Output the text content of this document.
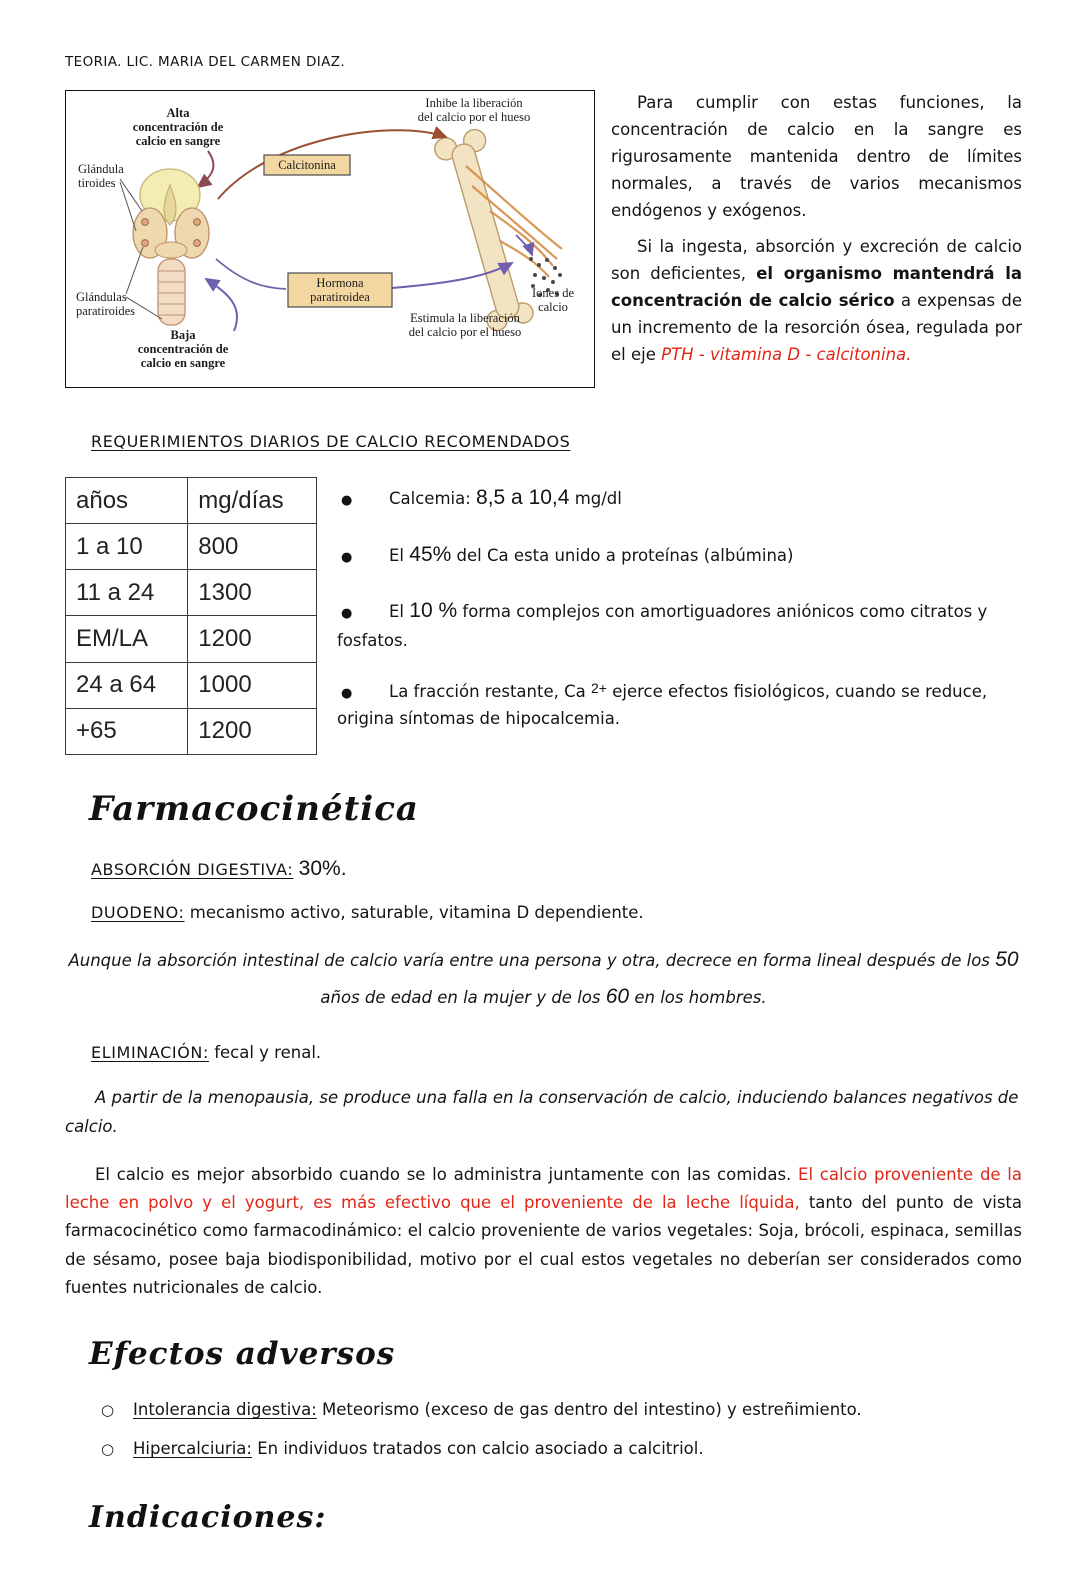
TEORIA. LIC. MARIA DEL CARMEN DIAZ.
Alta
concentración de
calcio en sangre
Inhibe la liberación
del calcio por el hueso
Glándula
tiroides
Glándulas
paratiroides
Baja
concentración de
calcio en sangre
Estimula la liberación
del calcio por el hueso
Iones de
calcio
Calcitonina
Hormona
paratiroidea

Para cumplir con estas funciones, la concentración de calcio en la sangre es rigurosamente mantenida dentro de límites normales, a través de varios mecanismos endógenos y exógenos.

Si la ingesta, absorción y excreción de calcio son deficientes, el organismo mantendrá la concentración de calcio sérico a expensas de un incremento de la resorción ósea, regulada por el eje PTH - vitamina D - calcitonina.

REQUERIMIENTOS DIARIOS DE CALCIO RECOMENDADOS
años	mg/días
1 a 10	800
11 a 24	1300
EM/LA	1200
24 a 64	1000
+65	1200
● Calcemia: 8,5 a 10,4 mg/dl
● El 45% del Ca esta unido a proteínas (albúmina)
● El 10 % forma complejos con amortiguadores aniónicos como citratos y fosfatos.
● La fracción restante, Ca $^{2+}$ ejerce efectos fisiológicos, cuando se reduce, origina síntomas de hipocalcemia.
Farmacocinética
ABSORCIÓN DIGESTIVA: 30%.
DUODENO: mecanismo activo, saturable, vitamina D dependiente.
Aunque la absorción intestinal de calcio varía entre una persona y otra, decrece en forma lineal después de los 50 años de edad en la mujer y de los 60 en los hombres.
ELIMINACIÓN: fecal y renal.
A partir de la menopausia, se produce una falla en la conservación de calcio, induciendo balances negativos de calcio.
El calcio es mejor absorbido cuando se lo administra juntamente con las comidas. El calcio proveniente de la leche en polvo y el yogurt, es más efectivo que el proveniente de la leche líquida, tanto del punto de vista farmacocinético como farmacodinámico: el calcio proveniente de varios vegetales: Soja, brócoli, espinaca, semillas de sésamo, posee baja biodisponibilidad, motivo por el cual estos vegetales no deberían ser considerados como fuentes nutricionales de calcio.
Efectos adversos
○ Intolerancia digestiva: Meteorismo (exceso de gas dentro del intestino) y estreñimiento.
○ Hipercalciuria: En individuos tratados con calcio asociado a calcitriol.
Indicaciones:
